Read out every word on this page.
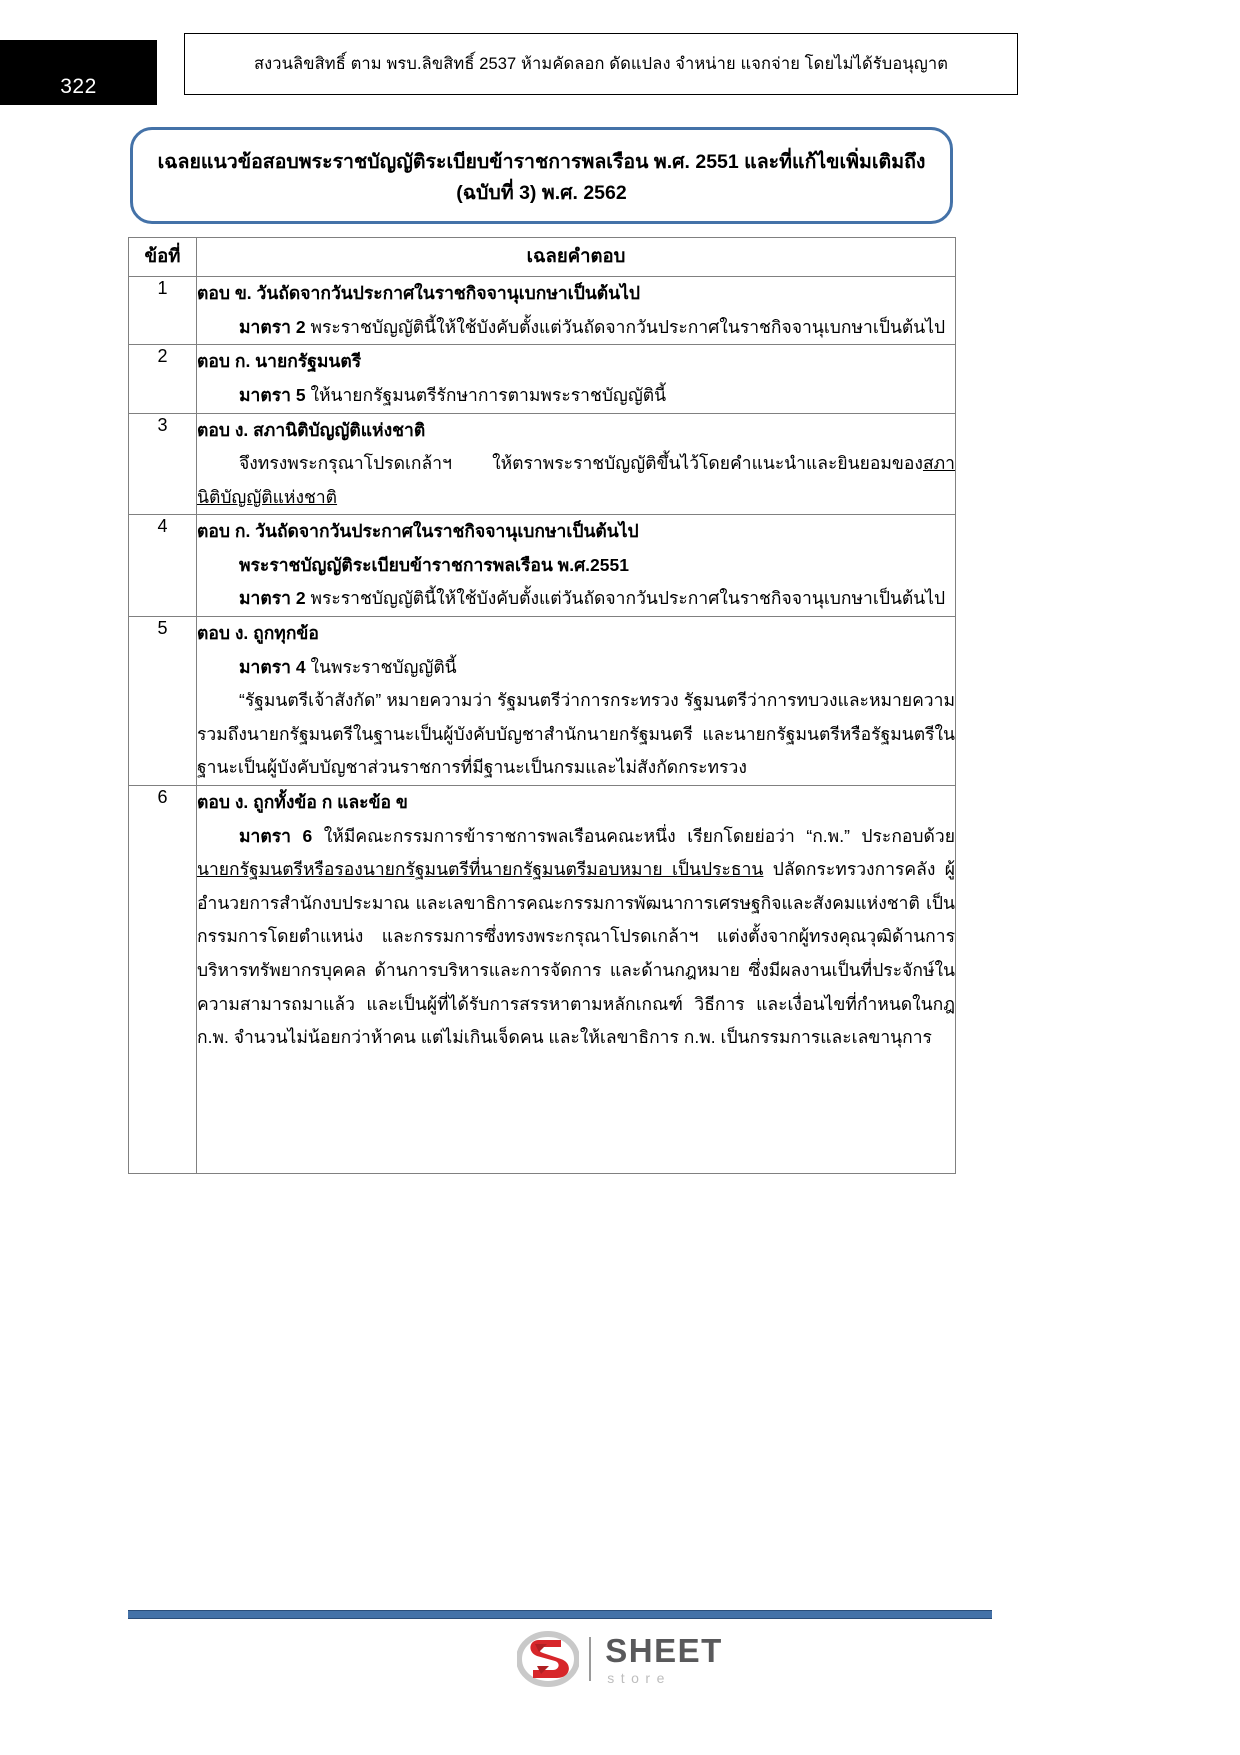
322
สงวนลิขสิทธิ์ ตาม พรบ.ลิขสิทธิ์ 2537 ห้ามคัดลอก ดัดแปลง จำหน่าย แจกจ่าย โดยไม่ได้รับอนุญาต
เฉลยแนวข้อสอบพระราชบัญญัติระเบียบข้าราชการพลเรือน พ.ศ. 2551 และที่แก้ไขเพิ่มเติมถึง
(ฉบับที่ 3) พ.ศ. 2562
ข้อที่	เฉลยคำตอบ
1	ตอบ ข. วันถัดจากวันประกาศในราชกิจจานุเบกษาเป็นต้นไป
มาตรา 2 พระราชบัญญัตินี้ให้ใช้บังคับตั้งแต่วันถัดจากวันประกาศในราชกิจจานุเบกษาเป็นต้นไป

2	ตอบ ก. นายกรัฐมนตรี
มาตรา 5 ให้นายกรัฐมนตรีรักษาการตามพระราชบัญญัตินี้

3	ตอบ ง. สภานิติบัญญัติแห่งชาติ
จึงทรงพระกรุณาโปรดเกล้าฯ ให้ตราพระราชบัญญัติขึ้นไว้โดยคำแนะนำและยินยอมของสภานิติบัญญัติแห่งชาติ

4	ตอบ ก. วันถัดจากวันประกาศในราชกิจจานุเบกษาเป็นต้นไป
พระราชบัญญัติระเบียบข้าราชการพลเรือน พ.ศ.2551
มาตรา 2 พระราชบัญญัตินี้ให้ใช้บังคับตั้งแต่วันถัดจากวันประกาศในราชกิจจานุเบกษาเป็นต้นไป

5	ตอบ ง. ถูกทุกข้อ
มาตรา 4 ในพระราชบัญญัตินี้
“รัฐมนตรีเจ้าสังกัด” หมายความว่า รัฐมนตรีว่าการกระทรวง รัฐมนตรีว่าการทบวงและหมายความรวมถึงนายกรัฐมนตรีในฐานะเป็นผู้บังคับบัญชาสำนักนายกรัฐมนตรี และนายกรัฐมนตรีหรือรัฐมนตรีในฐานะเป็นผู้บังคับบัญชาส่วนราชการที่มีฐานะเป็นกรมและไม่สังกัดกระทรวง

6	ตอบ ง. ถูกทั้งข้อ ก และข้อ ข
มาตรา 6 ให้มีคณะกรรมการข้าราชการพลเรือนคณะหนึ่ง เรียกโดยย่อว่า “ก.พ.” ประกอบด้วยนายกรัฐมนตรีหรือรองนายกรัฐมนตรีที่นายกรัฐมนตรีมอบหมาย เป็นประธาน ปลัดกระทรวงการคลัง ผู้อำนวยการสำนักงบประมาณ และเลขาธิการคณะกรรมการพัฒนาการเศรษฐกิจและสังคมแห่งชาติ เป็นกรรมการโดยตำแหน่ง และกรรมการซึ่งทรงพระกรุณาโปรดเกล้าฯ แต่งตั้งจากผู้ทรงคุณวุฒิด้านการบริหารทรัพยากรบุคคล ด้านการบริหารและการจัดการ และด้านกฎหมาย ซึ่งมีผลงานเป็นที่ประจักษ์ในความสามารถมาแล้ว และเป็นผู้ที่ได้รับการสรรหาตามหลักเกณฑ์ วิธีการ และเงื่อนไขที่กำหนดในกฎ ก.พ. จำนวนไม่น้อยกว่าห้าคน แต่ไม่เกินเจ็ดคน และให้เลขาธิการ ก.พ. เป็นกรรมการและเลขานุการ
SHEET
store
